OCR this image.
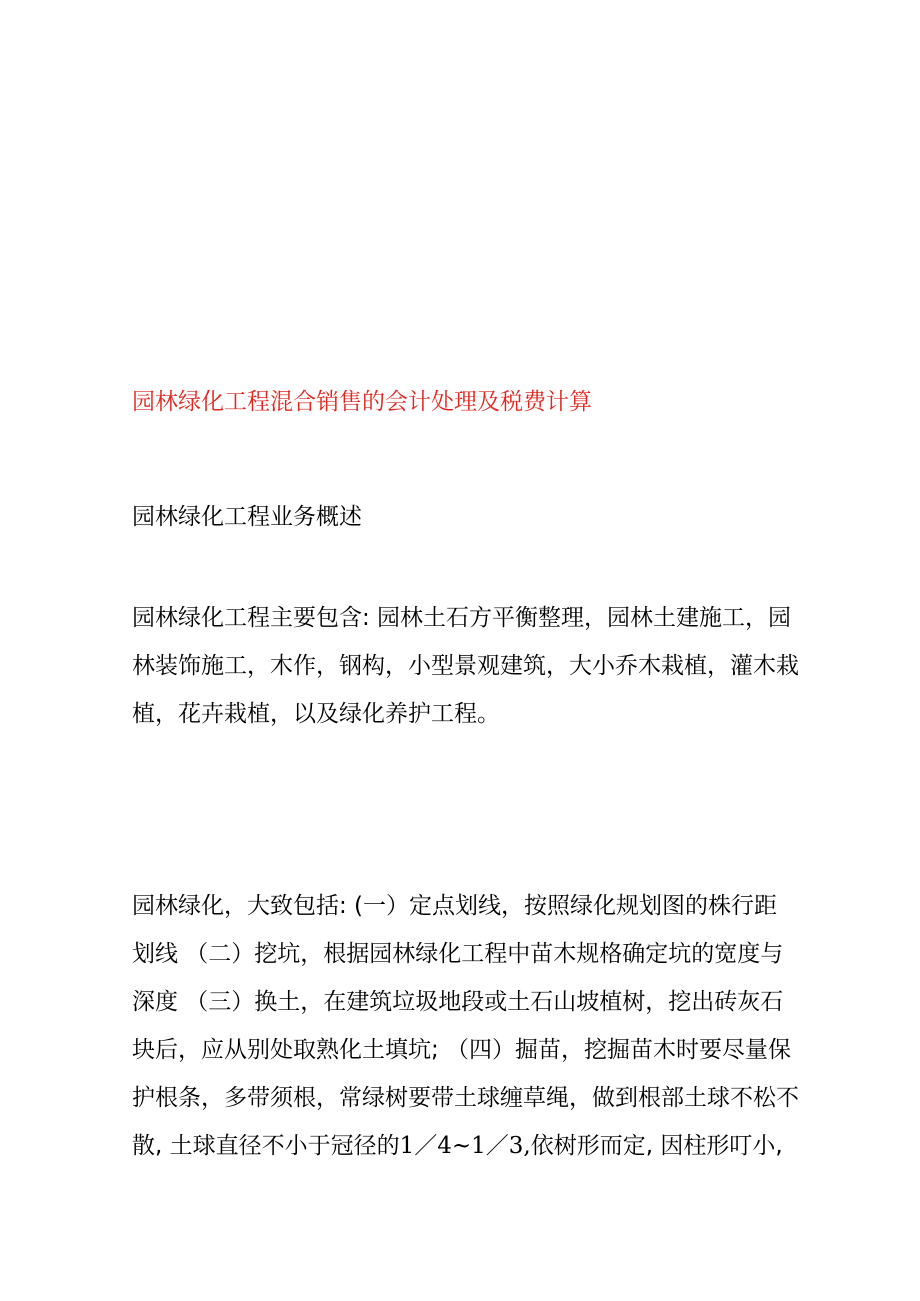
园林绿化工程混合销售的会计处理及税费计算
园林绿化工程业务概述
园林绿化工程主要包含: 园林土石方平衡整理，园林土建施工，园
林装饰施工，木作，钢构，小型景观建筑，大小乔木栽植，灌木栽
植，花卉栽植，以及绿化养护工程。
园林绿化，大致包括: (一）定点划线，按照绿化规划图的株行距
划线 （二）挖坑，根据园林绿化工程中苗木规格确定坑的宽度与
深度 （三）换土，在建筑垃圾地段或土石山坡植树，挖出砖灰石
块后，应从别处取熟化土填坑; （四）掘苗，挖掘苗木时要尽量保
护根条，多带须根，常绿树要带土球缠草绳，做到根部土球不松不
散, 土球直径不小于冠径的1／4~1／3,依树形而定, 因柱形叮小,
